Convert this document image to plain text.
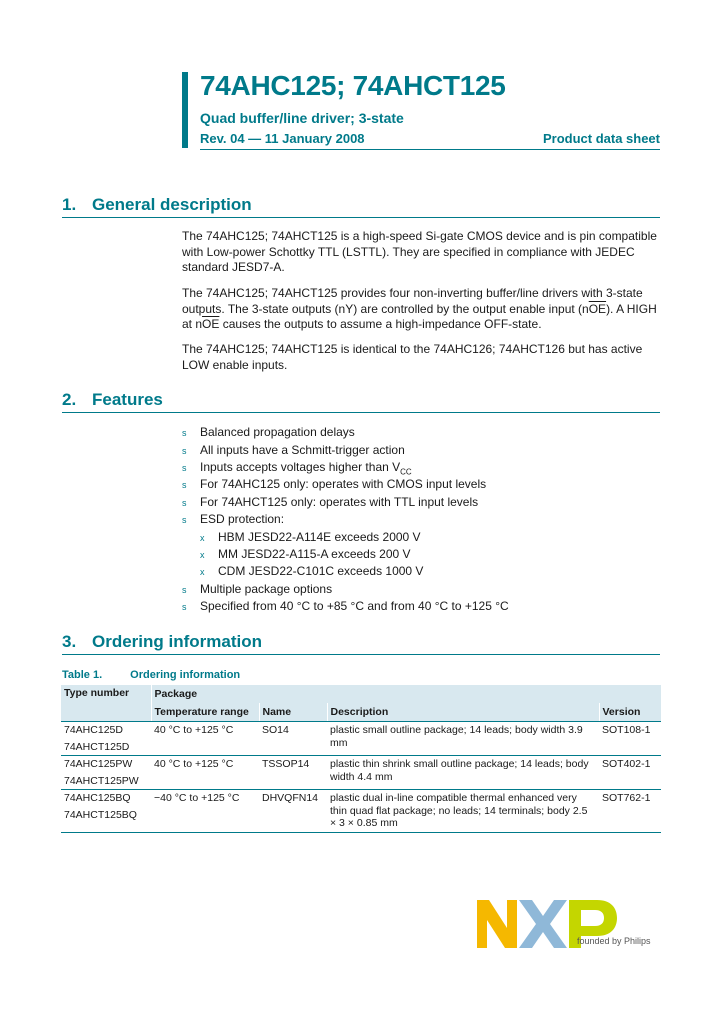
74AHC125; 74AHCT125
Quad buffer/line driver; 3-state
Rev. 04 — 11 January 2008	Product data sheet
1. General description
The 74AHC125; 74AHCT125 is a high-speed Si-gate CMOS device and is pin compatible with Low-power Schottky TTL (LSTTL). They are specified in compliance with JEDEC standard JESD7-A.
The 74AHC125; 74AHCT125 provides four non-inverting buffer/line drivers with 3-state outputs. The 3-state outputs (nY) are controlled by the output enable input $(n\overline{OE})$. A HIGH at $n\overline{OE}$ causes the outputs to assume a high-impedance OFF-state.
The 74AHC125; 74AHCT125 is identical to the 74AHC126; 74AHCT126 but has active LOW enable inputs.
2. Features
s Balanced propagation delays
s All inputs have a Schmitt-trigger action
s Inputs accepts voltages higher than $V_{CC}$
s For 74AHC125 only: operates with CMOS input levels
s For 74AHCT125 only: operates with TTL input levels
s ESD protection:
x HBM JESD22-A114E exceeds 2000 V
x MM JESD22-A115-A exceeds 200 V
x CDM JESD22-C101C exceeds 1000 V
s Multiple package options
s Specified from 40 °C to +85 °C and from 40 °C to +125 °C
3. Ordering information
Table 1.	Ordering information
Type number	Package			
	Temperature range	Name	Description	Version

74AHC125D
74AHCT125D	40 °C to +125 °C	SO14	plastic small outline package; 14 leads; body width 3.9 mm	SOT108-1

74AHC125PW
74AHCT125PW	40 °C to +125 °C	TSSOP14	plastic thin shrink small outline package; 14 leads; body width 4.4 mm	SOT402-1

74AHC125BQ
74AHCT125BQ	−40 °C to +125 °C	DHVQFN14	plastic dual in-line compatible thermal enhanced very thin quad flat package; no leads; 14 terminals; body 2.5 × 3 × 0.85 mm	SOT762-1
founded by Philips
